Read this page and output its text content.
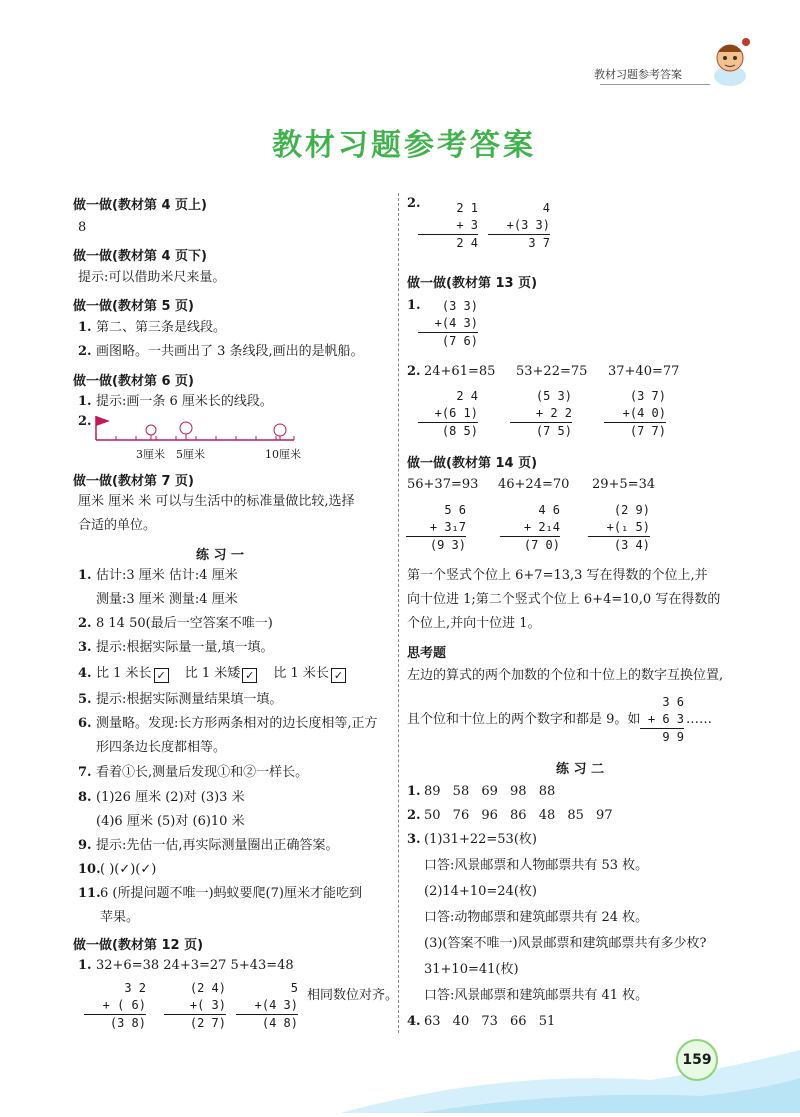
教材习题参考答案
教材习题参考答案
做一做(教材第 4 页上)
8
做一做(教材第 4 页下)
提示:可以借助米尺来量。
做一做(教材第 5 页)
1. 第二、第三条是线段。
2. 画图略。一共画出了 3 条线段,画出的是帆船。
做一做(教材第 6 页)
1. 提示:画一条 6 厘米长的线段。
2.
3厘米 5厘米	10厘米
做一做(教材第 7 页)
厘米 厘米 米 可以与生活中的标准量做比较,选择
合适的单位。
练 习 一
1. 估计:3 厘米 估计:4 厘米
测量:3 厘米 测量:4 厘米
2. 8 14 50(最后一空答案不唯一)
3. 提示:根据实际量一量,填一填。
4. 比 1 米长 ✓ 比 1 米矮 ✓ 比 1 米长 ✓
5. 提示:根据实际测量结果填一填。
6. 测量略。发现:长方形两条相对的边长度相等,正方
形四条边长度都相等。
7. 看着①长,测量后发现①和②一样长。
8. (1)26 厘米 (2)对 (3)3 米
(4)6 厘米 (5)对 (6)10 米
9. 提示:先估一估,再实际测量圈出正确答案。
10. ( )(✓)(✓)
11. 6 (所提问题不唯一)蚂蚁要爬(7)厘米才能吃到
苹果。
做一做(教材第 12 页)
1. 32+6=38 24+3=27 5+43=48
3 2
+ ( 6)
(3 8)
(2 4)
+( 3)
(2 7)
5
+(4 3)
(4 8)
相同数位对齐。
2.	2 1
+ 3
2 4
4
+(3 3)
3 7
做一做(教材第 13 页)
1.	(3 3)
+(4 3)
(7 6)
2. 24+61=85 53+22=75 37+40=77
2 4
+(6 1)
(8 5)
(5 3)
+ 2 2
(7 5)
(3 7)
+(4 0)
(7 7)
做一做(教材第 14 页)
56+37=93 46+24=70 29+5=34
5 6
+ 3₁7
(9 3)
4 6
+ 2₁4
(7 0)
(2 9)
+(₁ 5)
(3 4)
第一个竖式个位上 6+7=13,3 写在得数的个位上,并
向十位进 1;第二个竖式个位上 6+4=10,0 写在得数的
个位上,并向十位进 1。
思考题
左边的算式的两个加数的个位和十位上的数字互换位置,
且个位和十位上的两个数字和都是 9。如
3 6
+ 6 3
9 9
……
练 习 二
1. 89 58 69 98 88
2. 50 76 96 86 48 85 97
3. (1)31+22=53(枚)
口答:风景邮票和人物邮票共有 53 枚。
(2)14+10=24(枚)
口答:动物邮票和建筑邮票共有 24 枚。
(3)(答案不唯一)风景邮票和建筑邮票共有多少枚?
31+10=41(枚)
口答:风景邮票和建筑邮票共有 41 枚。
4. 63 40 73 66 51
159
